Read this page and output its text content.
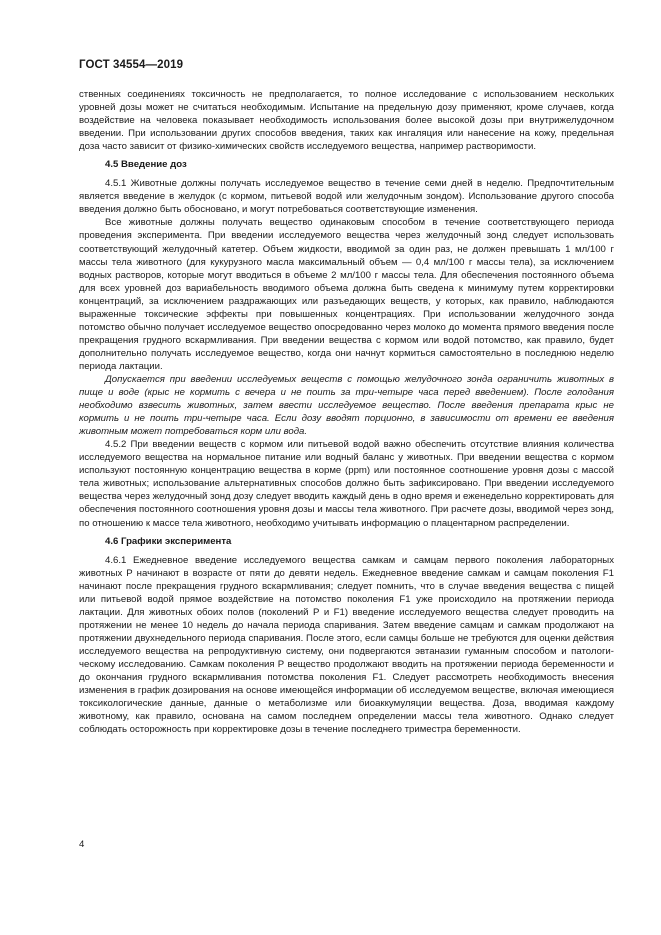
ГОСТ 34554—2019

ственных соединениях токсичность не предполагается, то полное исследование с использованием нескольких уровней дозы может не считаться необходимым. Испытание на предельную дозу применяют, кроме случаев, когда воздействие на человека показывает необходимость использования более высокой дозы при внутрижелудочном введении. При использовании других способов введения, таких как ингаляция или нанесение на кожу, предельная доза часто зависит от физико-химических свойств исследуемого вещества, например растворимости.

4.5 Введение доз

4.5.1 Животные должны получать исследуемое вещество в течение семи дней в неделю. Предпочтительным является введение в желудок (с кормом, питьевой водой или желудочным зондом). Использование другого способа введения должно быть обосновано, и могут потребоваться соответствующие изменения.

Все животные должны получать вещество одинаковым способом в течение соответствующего периода проведения эксперимента. При введении исследуемого вещества через желудочный зонд следует использовать соответствующий желудочный катетер. Объем жидкости, вводимой за один раз, не должен превышать 1 мл/100 г массы тела животного (для кукурузного масла максимальный объем — 0,4 мл/100 г массы тела), за исключением водных растворов, которые могут вводиться в объеме 2 мл/100 г массы тела. Для обеспечения постоянного объема для всех уровней доз вариабельность вводимого объема должна быть сведена к минимуму путем корректировки концентраций, за исключением раздражающих или разъедающих веществ, у которых, как правило, наблюдаются выраженные токсические эффекты при повышенных концентрациях. При использовании желудочного зонда потомство обычно получает исследуемое вещество опосредованно через молоко до момента прямого введения после прекращения грудного вскармливания. При введении вещества с кормом или водой потомство, как правило, будет дополнительно получать исследуемое вещество, когда они начнут кормиться самостоятельно в последнюю неделю периода лактации.

Допускается при введении исследуемых веществ с помощью желудочного зонда ограничить животных в пище и воде (крыс не кормить с вечера и не поить за три-четыре часа перед введением). После голодания необходимо взвесить животных, затем ввести исследуемое вещество. После введения препарата крыс не кормить и не поить три-четыре часа. Если дозу вводят порционно, в зависимости от времени ее введения животным может потребоваться корм или вода.

4.5.2 При введении веществ с кормом или питьевой водой важно обеспечить отсутствие влияния количества исследуемого вещества на нормальное питание или водный баланс у животных. При введении вещества с кормом используют постоянную концентрацию вещества в корме (ppm) или постоянное соотношение уровня дозы с массой тела животных; использование альтернативных способов должно быть зафиксировано. При введении исследуемого вещества через желудочный зонд дозу следует вводить каждый день в одно время и еженедельно корректировать для обеспечения постоянного соотношения уровня дозы и массы тела животного. При расчете дозы, вводимой через зонд, по отношению к массе тела животного, необходимо учитывать информацию о плацентарном распределении.

4.6 Графики эксперимента

4.6.1 Ежедневное введение исследуемого вещества самкам и самцам первого поколения лабораторных животных Р начинают в возрасте от пяти до девяти недель. Ежедневное введение самкам и самцам поколения F1 начинают после прекращения грудного вскармливания; следует помнить, что в случае введения вещества с пищей или питьевой водой прямое воздействие на потомство поколения F1 уже происходило на протяжении периода лактации. Для животных обоих полов (поколений Р и F1) введение исследуемого вещества следует проводить на протяжении не менее 10 недель до начала периода спаривания. Затем введение самцам и самкам продолжают на протяжении двухнедельного периода спаривания. После этого, если самцы больше не требуются для оценки действия исследуемого вещества на репродуктивную систему, они подвергаются эвтаназии гуманным способом и патологическому исследованию. Самкам поколения Р вещество продолжают вводить на протяжении периода беременности и до окончания грудного вскармливания потомства поколения F1. Следует рассмотреть необходимость внесения изменения в график дозирования на основе имеющейся информации об исследуемом веществе, включая имеющиеся токсикологические данные, данные о метаболизме или биоаккумуляции вещества. Доза, вводимая каждому животному, как правило, основана на самом последнем определении массы тела животного. Однако следует соблюдать осторожность при корректировке дозы в течение последнего триместра беременности.

4
